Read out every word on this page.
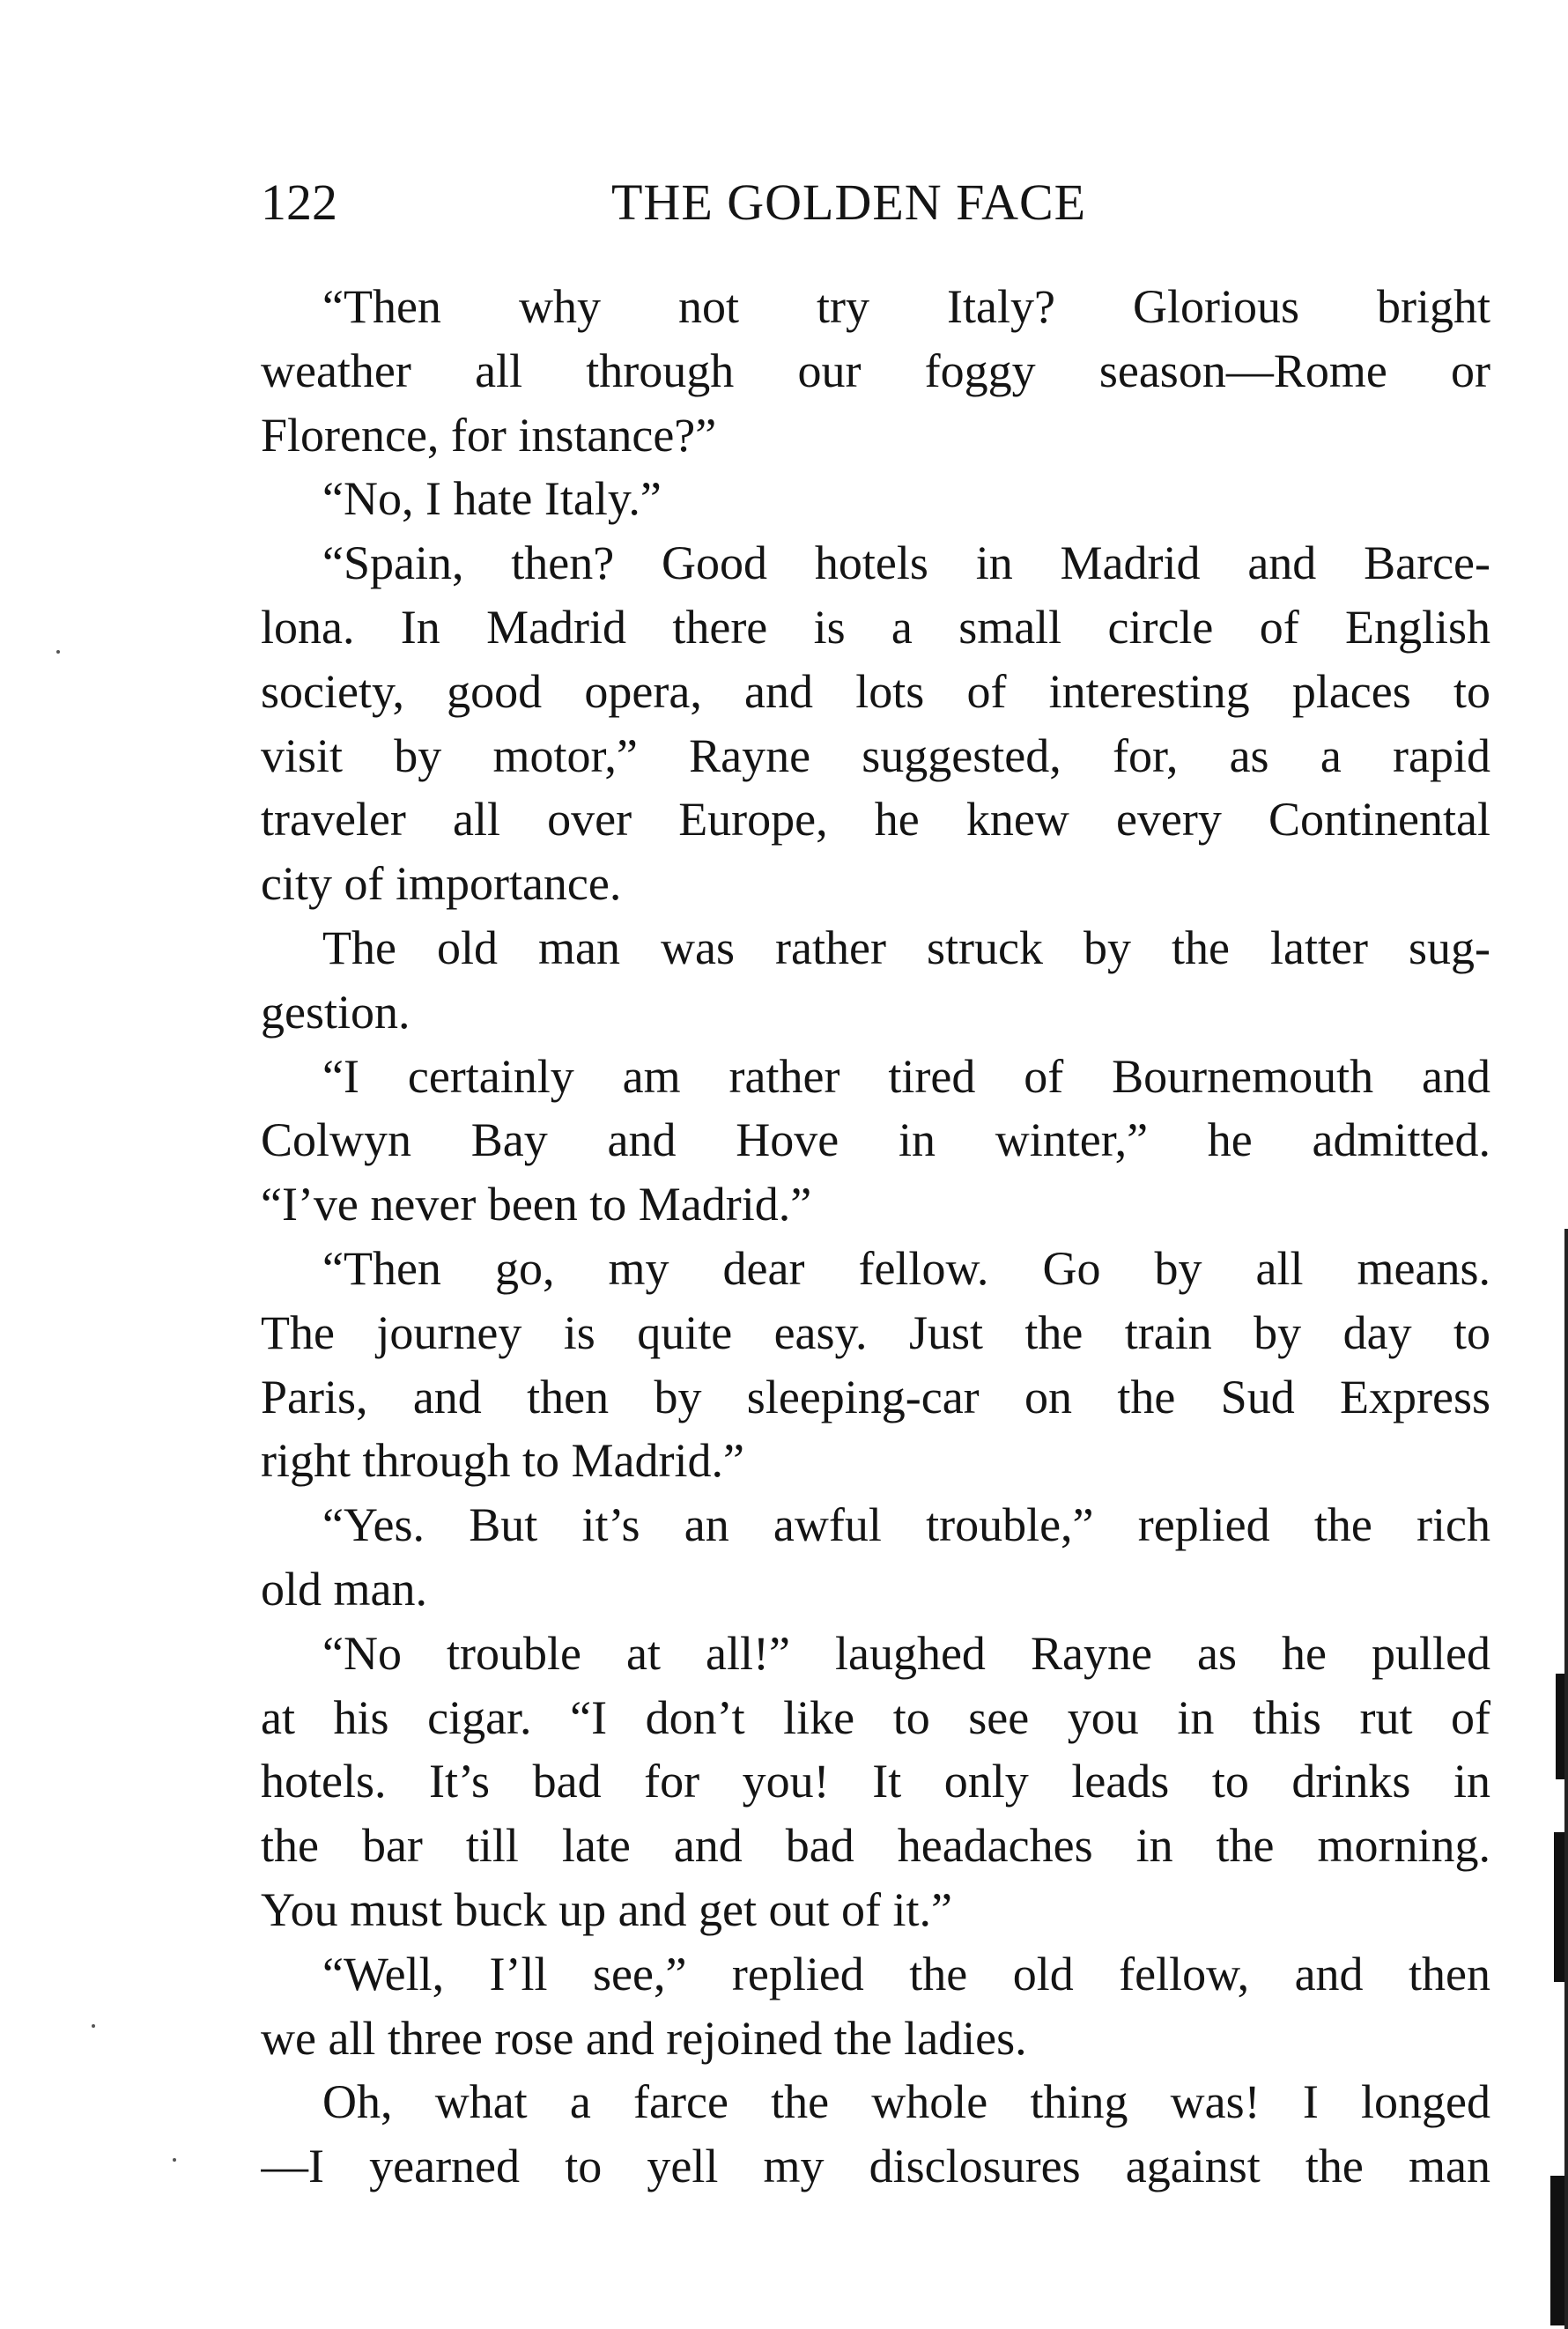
122	THE GOLDEN FACE
“Then why not try Italy? Glorious bright
weather all through our foggy season—Rome or
Florence, for instance?”
“No, I hate Italy.”
“Spain, then? Good hotels in Madrid and Barce-
lona. In Madrid there is a small circle of English
society, good opera, and lots of interesting places to
visit by motor,” Rayne suggested, for, as a rapid
traveler all over Europe, he knew every Continental
city of importance.
The old man was rather struck by the latter sug-
gestion.
“I certainly am rather tired of Bournemouth and
Colwyn Bay and Hove in winter,” he admitted.
“I’ve never been to Madrid.”
“Then go, my dear fellow. Go by all means.
The journey is quite easy. Just the train by day to
Paris, and then by sleeping-car on the Sud Express
right through to Madrid.”
“Yes. But it’s an awful trouble,” replied the rich
old man.
“No trouble at all!” laughed Rayne as he pulled
at his cigar. “I don’t like to see you in this rut of
hotels. It’s bad for you! It only leads to drinks in
the bar till late and bad headaches in the morning.
You must buck up and get out of it.”
“Well, I’ll see,” replied the old fellow, and then
we all three rose and rejoined the ladies.
Oh, what a farce the whole thing was! I longed
—I yearned to yell my disclosures against the man
